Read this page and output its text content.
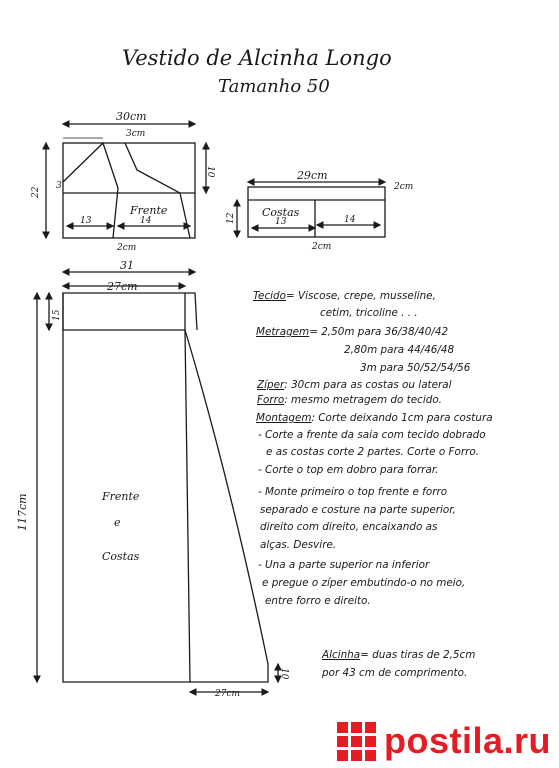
Vestido de Alcinha Longo
Tamanho 50
30cm
3cm
22
10
3
Frente
13	14
2cm
29cm
2cm
12 Costas
13	14
2cm
31
27cm
15
117cm	Frente
e
Costas
10
27cm
Tecido= Viscose, crepe, musseline,
cetim, tricoline . . .
Metragem= 2,50m para 36/38/40/42
2,80m para 44/46/48
3m para 50/52/54/56
Zíper: 30cm para as costas ou lateral
Forro: mesmo metragem do tecido.
Montagem: Corte deixando 1cm para costura
- Corte a frente da saia com tecido dobrado
e as costas corte 2 partes. Corte o Forro.
- Corte o top em dobro para forrar.
- Monte primeiro o top frente e forro
separado e costure na parte superior,
direito com direito, encaixando as
alças. Desvire.
- Una a parte superior na inferior
e pregue o zíper embutindo-o no meio,
entre forro e direito.
Alcinha= duas tiras de 2,5cm
por 43 cm de comprimento.
postila.ru
